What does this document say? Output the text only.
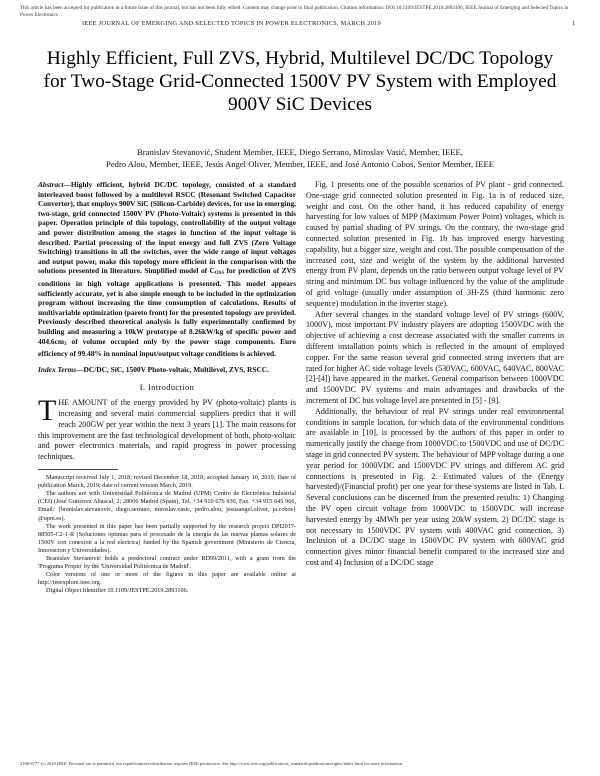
This article has been accepted for publication in a future issue of this journal, but has not been fully edited. Content may change prior to final publication. Citation information: DOI 10.1109/JESTPE.2019.2893106, IEEE Journal of Emerging and Selected Topics in Power Electronics
IEEE JOURNAL OF EMERGING AND SELECTED TOPICS IN POWER ELECTRONICS, MARCH 2019	1
Highly Efficient, Full ZVS, Hybrid, Multilevel DC/DC Topology for Two-Stage Grid-Connected 1500V PV System with Employed 900V SiC Devices
Branislav Stevanović, Student Member, IEEE, Diego Serrano, Miroslav Vasić, Member, IEEE,
Pedro Alou, Member, IEEE, Jesús Angel Oliver, Member, IEEE, and José Antonio Cobos, Senior Member, IEEE

Abstract—Highly efficient, hybrid DC/DC topology, consisted of a standard interleaved boost followed by a multilevel RSCC (Resonant Switched Capacitor Converter), that employs 900V SiC (Silicon-Carbide) devices, for use in emerging, two-stage, grid connected 1500V PV (Photo-Voltaic) systems is presented in this paper. Operation principle of this topology, controllability of the output voltage and power distribution among the stages in function of the input voltage is described. Partial processing of the input energy and full ZVS (Zero Voltage Switching) transitions in all the switches, over the wide range of input voltages and output power, make this topology more efficient in the comparison with the solutions presented in literature. Simplified model of $C_{OSS}$ for prediction of ZVS conditions in high voltage applications is presented. This model appears sufficiently accurate, yet is also simple enough to be included in the optimization program without increasing the time consumption of calculations. Results of multivariable optimization (pareto front) for the presented topology are provided. Previously described theoretical analysis is fully experimentally confirmed by building and measuring a 10kW prototype of 8.26kW/kg of specific power and $404.6cm^3$ of volume occupied only by the power stage components. Euro efficiency of 99.48% in nominal input/output voltage conditions is achieved.

Index Terms—DC/DC, SiC, 1500V Photo-voltaic, Multilevel, ZVS, RSCC.

I. Introduction

THE AMOUNT of the energy provided by PV (photo-voltaic) plants is increasing and several main commercial suppliers predict that it will reach 200GW per year within the next 3 years [1]. The main reasons for this improvement are the fast technological development of both, photo-voltaic and power electronics materials, and rapid progress in power processing techniques.

Manuscript received July 1, 2018; revised December 18, 2018; accepted January 10, 2019. Date of publication March, 2019; date of current version March, 2019.

The authors are with Universidad Politécnica de Madrid (UPM) Centro de Electrónica Industrial (CEI) (José Gutiérrez Abascal, 2; 28006 Madrid (Spain), Tel. +34 910 676 930, Fax. +34 915 645 966, Email: {branislav.stevanovic, diego.serrano, miroslav.vasic, pedro.alou, jesusangel.oliver, ja.cobos} @upm.es).

The work presented in this paper has been partially supported by the research project DPI2017-88505-C2-1-R (Soluciones optimas para el procesado de la energía de las nuevas plantas solares de 1500V con conexion a la red electrica) funded by the Spanish government (Ministerio de Ciencia, Innovacion y Universidades).

Branislav Stevanović holds a predoctoral contract under RD99/2011, with a grant from the 'Programa Propio' by the 'Universidad Politécnica de Madrid'.

Color versions of one or more of the figures in this paper are available online at http://ieeexplore.ieee.org.

Digital Object Identifier 10.1109/JESTPE.2019.2893106.

Fig. 1 presents one of the possible scenarios of PV plant - grid connected. One-stage grid connected solution presented in Fig. 1a is of reduced size, weight and cost. On the other hand, it has reduced capability of energy harvesting for low values of MPP (Maximum Power Point) voltages, which is caused by partial shading of PV strings. On the contrary, the two-stage grid connected solution presented in Fig. 1b has improved energy harvesting capability, but a bigger size, weight and cost. The possible compensation of the increased cost, size and weight of the system by the additional harvested energy from PV plant, depends on the ratio between output voltage level of PV string and minimum DC bus voltage influenced by the value of the amplitude of grid voltage (usually under assumption of 3H-ZS (third harmonic zero sequence) modulation in the inverter stage).

After several changes in the standard voltage level of PV strings (600V, 1000V), most important PV industry players are adopting 1500VDC with the objective of achieving a cost decrease associated with the smaller currents in different installation points which is reflected in the amount of employed copper. For the same reason several grid connected string inverters that are rated for higher AC side voltage levels (530VAC, 600VAC, 640VAC, 800VAC [2]-[4]) have appeared in the market. General comparison between 1000VDC and 1500VDC PV systems and main advantages and drawbacks of the increment of DC bus voltage level are presented in [5] - [9].

Additionally, the behaviour of real PV strings under real environmental conditions in sample location, for which data of the environmental conditions are available in [10], is processed by the authors of this paper in order to numerically justify the change from 1000VDC to 1500VDC and use of DC/DC stage in grid connected PV system. The behaviour of MPP voltage during a one year period for 1000VDC and 1500VDC PV strings and different AC grid connections is presented in Fig. 2. Estimated values of the (Energy harvested)/(Financial profit) per one year for these systems are listed in Tab. I. Several conclusions can be discerned from the presented results: 1) Changing the PV open circuit voltage from 1000VDC to 1500VDC will increase harvested energy by 4MWh per year using 20kW system, 2) DC/DC stage is not necessary in 1500VDC PV system with 400VAC grid connection, 3) Inclusion of a DC/DC stage in 1500VDC PV system with 600VAC grid connection gives minor financial benefit compared to the increased size and cost and 4) Inclusion of a DC/DC stage

2168-6777 (c) 2018 IEEE. Personal use is permitted, but republication/redistribution requires IEEE permission. See http://www.ieee.org/publications_standards/publications/rights/index.html for more information.
